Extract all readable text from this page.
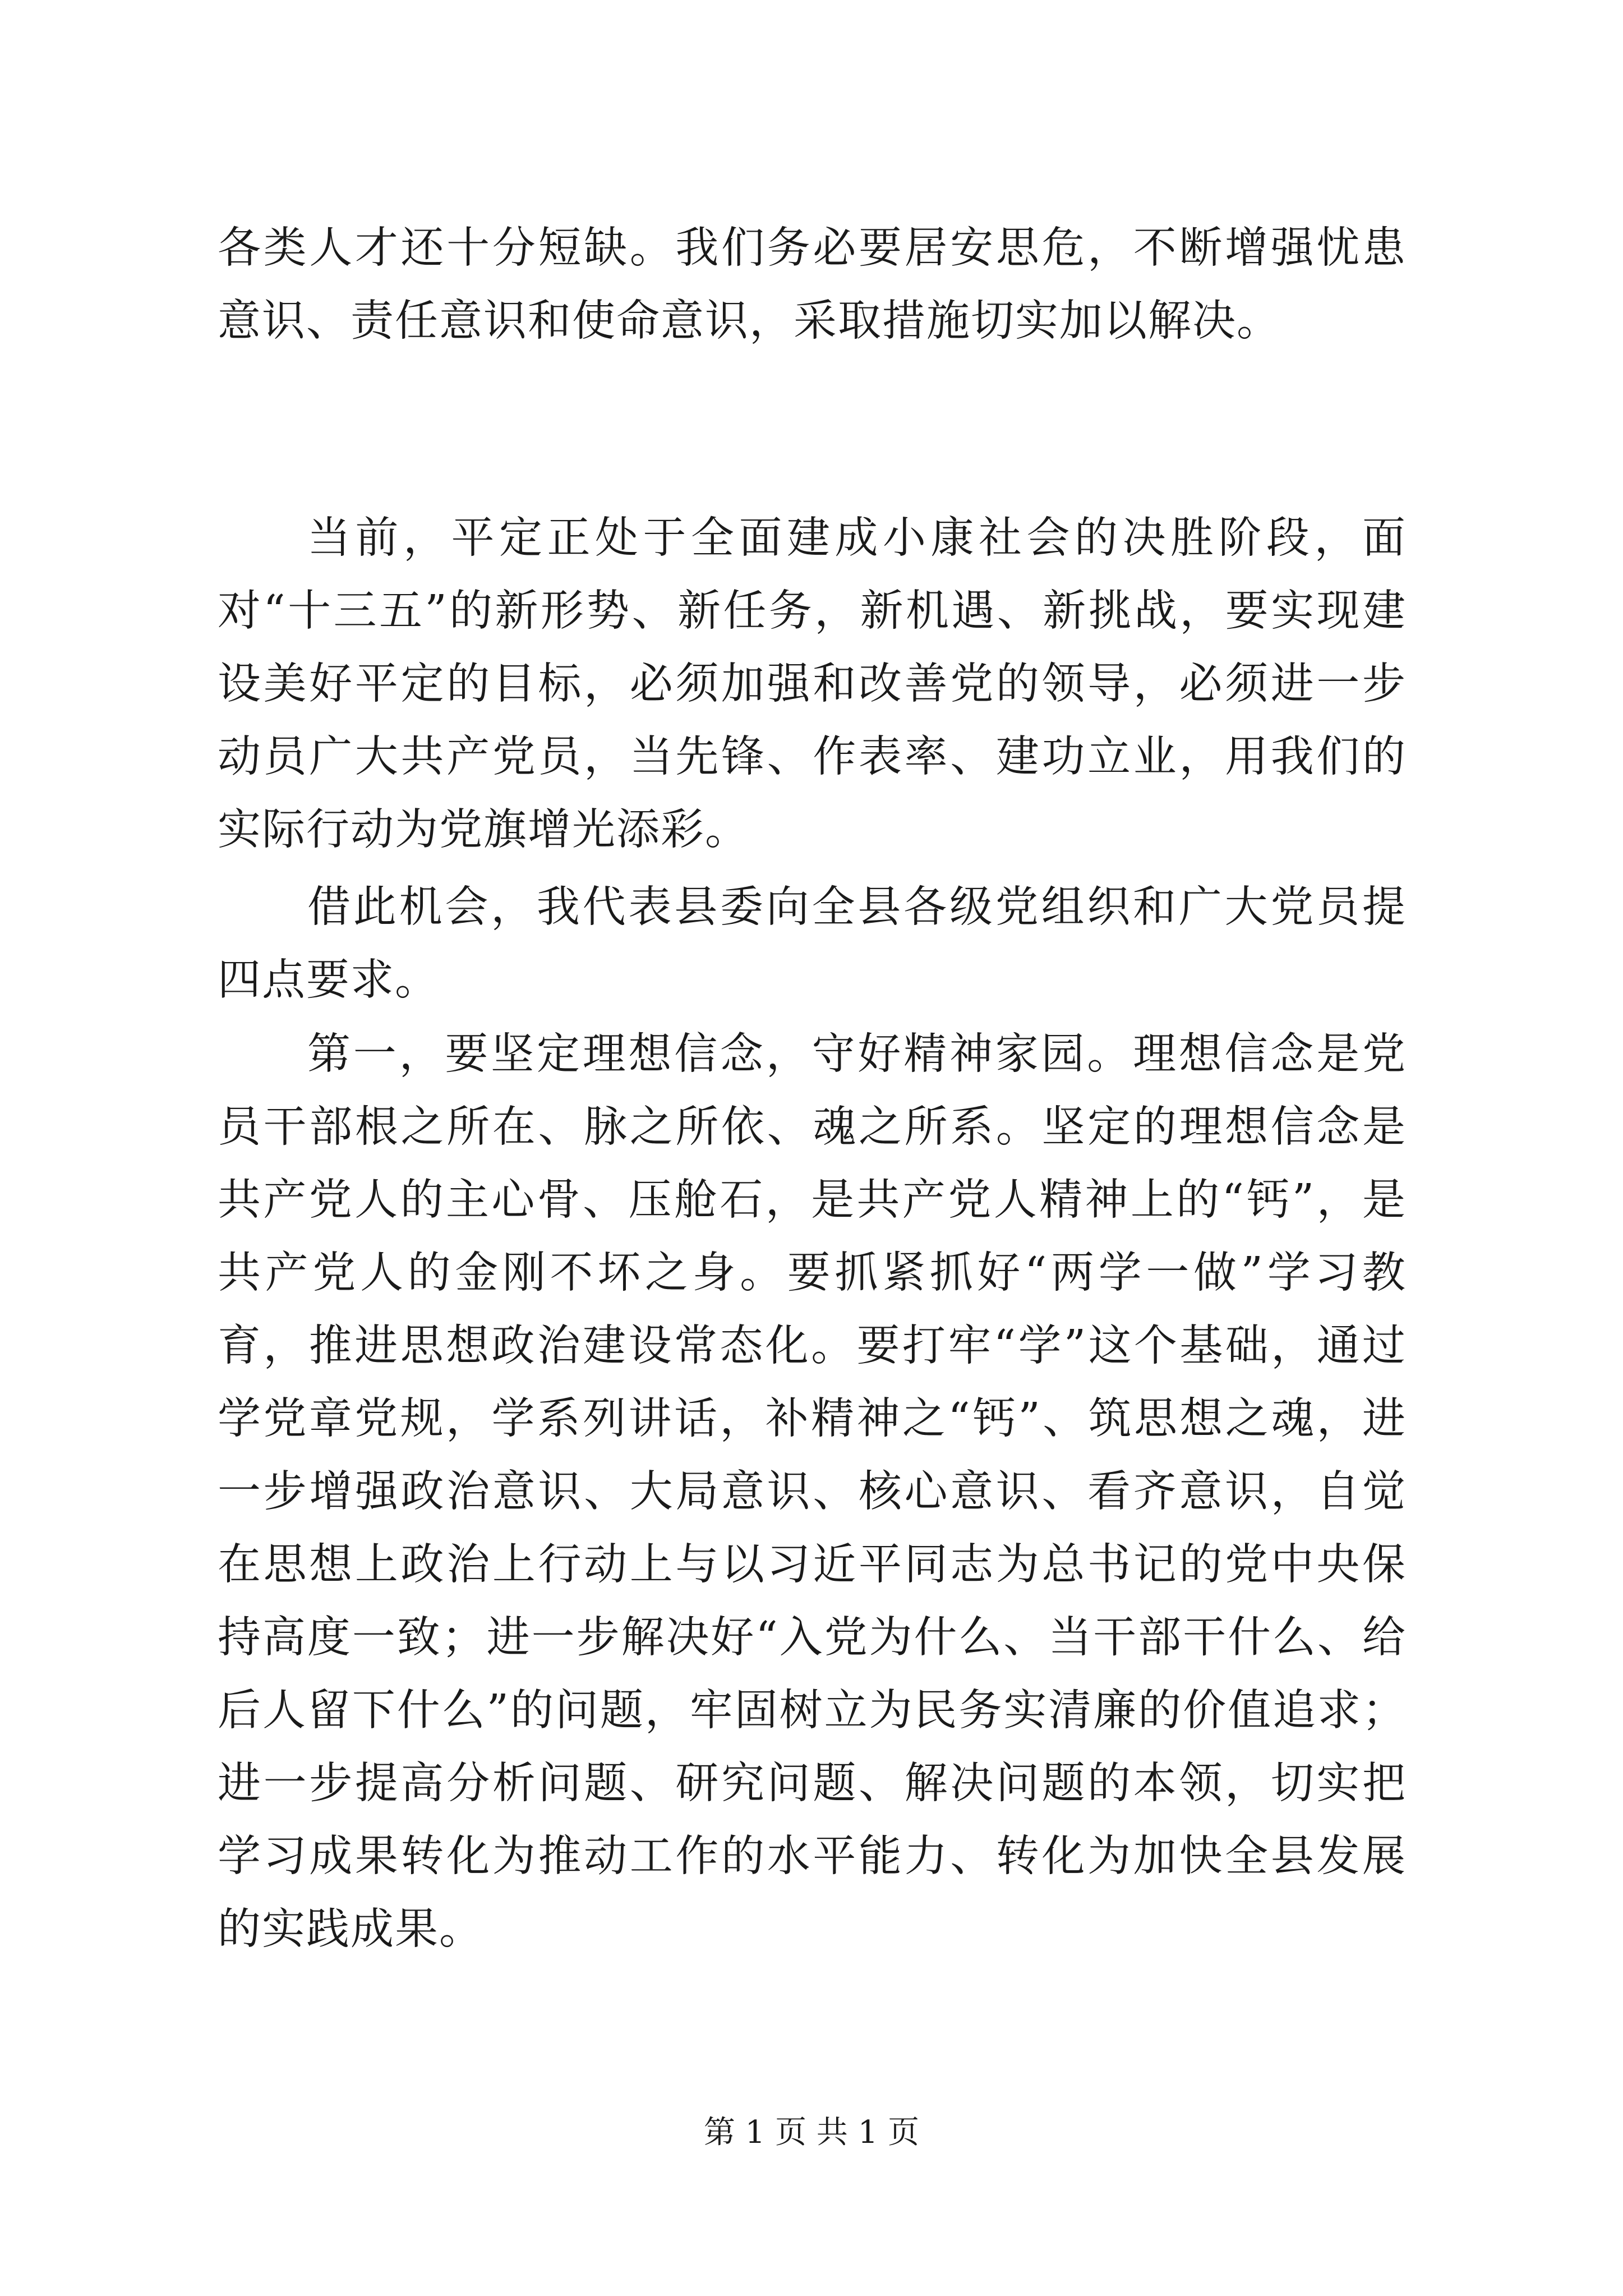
各类人才还十分短缺。我们务必要居安思危，不断增强忧患意识、责任意识和使命意识，采取措施切实加以解决。

当前，平定正处于全面建成小康社会的决胜阶段，面对“十三五”的新形势、新任务，新机遇、新挑战，要实现建设美好平定的目标，必须加强和改善党的领导，必须进一步动员广大共产党员，当先锋、作表率、建功立业，用我们的实际行动为党旗增光添彩。

借此机会，我代表县委向全县各级党组织和广大党员提四点要求。

第一，要坚定理想信念，守好精神家园。理想信念是党员干部根之所在、脉之所依、魂之所系。坚定的理想信念是共产党人的主心骨、压舱石，是共产党人精神上的“钙”，是共产党人的金刚不坏之身。要抓紧抓好“两学一做”学习教育，推进思想政治建设常态化。要打牢“学”这个基础，通过学党章党规，学系列讲话，补精神之“钙”、筑思想之魂，进一步增强政治意识、大局意识、核心意识、看齐意识，自觉在思想上政治上行动上与以习近平同志为总书记的党中央保持高度一致；进一步解决好“入党为什么、当干部干什么、给后人留下什么”的问题，牢固树立为民务实清廉的价值追求；进一步提高分析问题、研究问题、解决问题的本领，切实把学习成果转化为推动工作的水平能力、转化为加快全县发展的实践成果。

第 1 页 共 1 页
